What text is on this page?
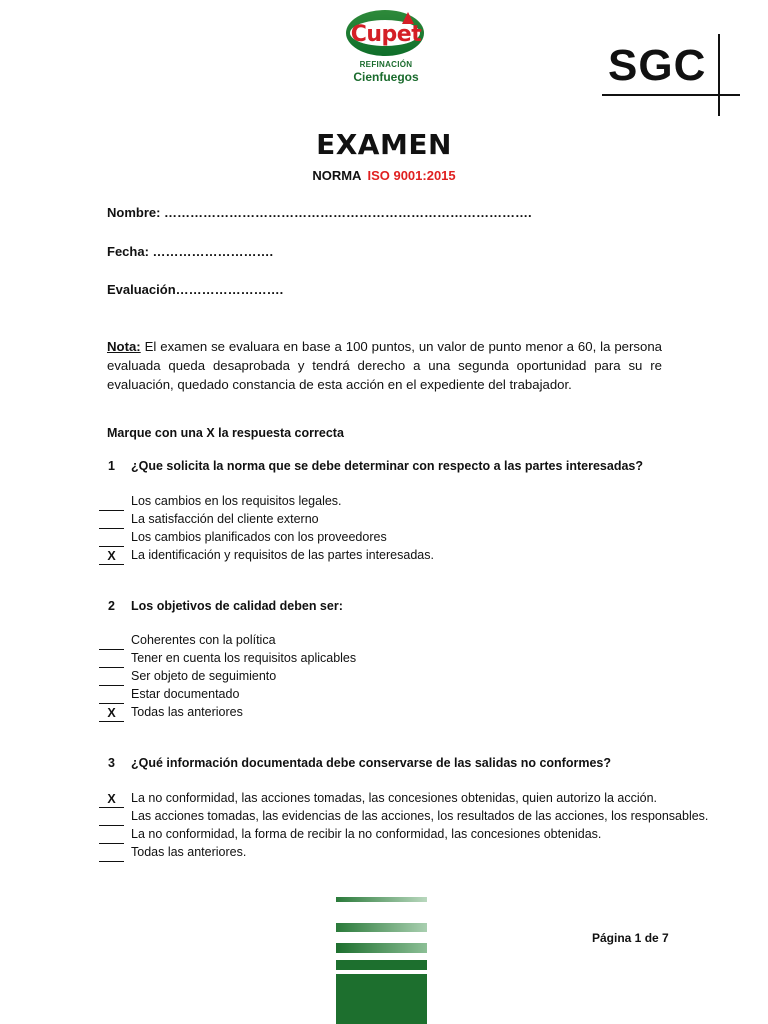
Cupet
REFINACIÓN
Cienfuegos	SGC
EXAMEN
NORMA ISO 9001:2015
Nombre: ………………………………………………………………………….
Fecha: ……………………….
Evaluación…………………….
Nota: El examen se evaluara en base a 100 puntos, un valor de punto menor a 60, la persona evaluada queda desaprobada y tendrá derecho a una segunda oportunidad para su re evaluación, quedado constancia de esta acción en el expediente del trabajador.
Marque con una X la respuesta correcta
1 ¿Que solicita la norma que se debe determinar con respecto a las partes interesadas?
Los cambios en los requisitos legales.
La satisfacción del cliente externo
Los cambios planificados con los proveedores
X	La identificación y requisitos de las partes interesadas.
2 Los objetivos de calidad deben ser:
Coherentes con la política
Tener en cuenta los requisitos aplicables
Ser objeto de seguimiento
Estar documentado
X	Todas las anteriores
3 ¿Qué información documentada debe conservarse de las salidas no conformes?
X	La no conformidad, las acciones tomadas, las concesiones obtenidas, quien autorizo la acción.
Las acciones tomadas, las evidencias de las acciones, los resultados de las acciones, los responsables.
La no conformidad, la forma de recibir la no conformidad, las concesiones obtenidas.
Todas las anteriores.
Página 1 de 7
